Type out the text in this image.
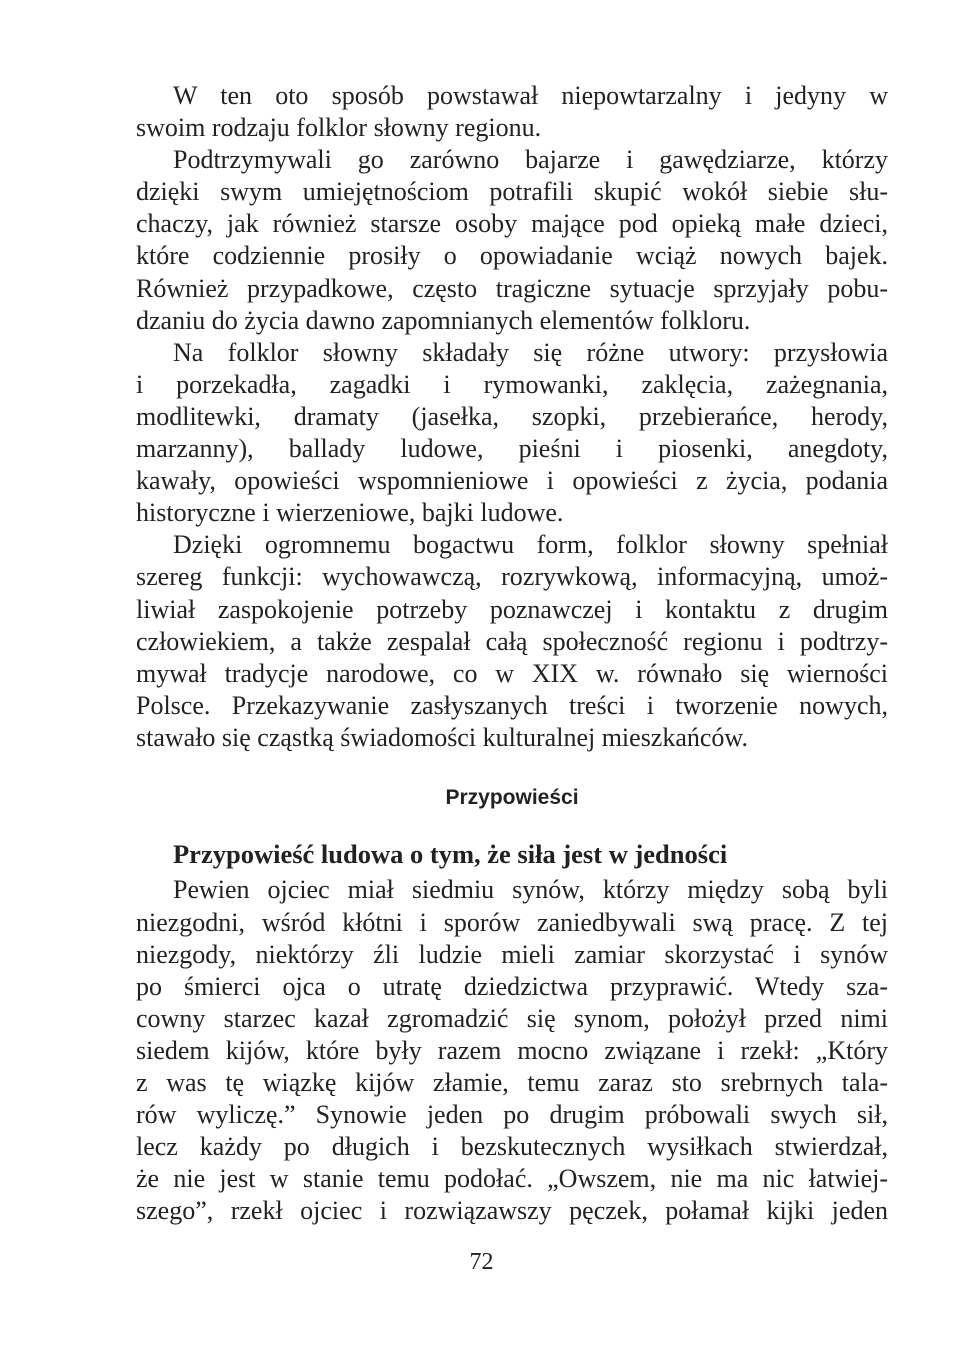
W ten oto sposób powstawał niepowtarzalny i jedyny w
swoim rodzaju folklor słowny regionu.
Podtrzymywali go zarówno bajarze i gawędziarze, którzy
dzięki swym umiejętnościom potrafili skupić wokół siebie słu-
chaczy, jak również starsze osoby mające pod opieką małe dzieci,
które codziennie prosiły o opowiadanie wciąż nowych bajek.
Również przypadkowe, często tragiczne sytuacje sprzyjały pobu-
dzaniu do życia dawno zapomnianych elementów folkloru.
Na folklor słowny składały się różne utwory: przysłowia
i porzekadła, zagadki i rymowanki, zaklęcia, zażegnania,
modlitewki, dramaty (jasełka, szopki, przebierańce, herody,
marzanny), ballady ludowe, pieśni i piosenki, anegdoty,
kawały, opowieści wspomnieniowe i opowieści z życia, podania
historyczne i wierzeniowe, bajki ludowe.
Dzięki ogromnemu bogactwu form, folklor słowny spełniał
szereg funkcji: wychowawczą, rozrywkową, informacyjną, umoż-
liwiał zaspokojenie potrzeby poznawczej i kontaktu z drugim
człowiekiem, a także zespalał całą społeczność regionu i podtrzy-
mywał tradycje narodowe, co w XIX w. równało się wierności
Polsce. Przekazywanie zasłyszanych treści i tworzenie nowych,
stawało się cząstką świadomości kulturalnej mieszkańców.
Przypowieści
Przypowieść ludowa o tym, że siła jest w jedności
Pewien ojciec miał siedmiu synów, którzy między sobą byli
niezgodni, wśród kłótni i sporów zaniedbywali swą pracę. Z tej
niezgody, niektórzy źli ludzie mieli zamiar skorzystać i synów
po śmierci ojca o utratę dziedzictwa przyprawić. Wtedy sza-
cowny starzec kazał zgromadzić się synom, położył przed nimi
siedem kijów, które były razem mocno związane i rzekł: „Który
z was tę wiązkę kijów złamie, temu zaraz sto srebrnych tala-
rów wyliczę.” Synowie jeden po drugim próbowali swych sił,
lecz każdy po długich i bezskutecznych wysiłkach stwierdzał,
że nie jest w stanie temu podołać. „Owszem, nie ma nic łatwiej-
szego”, rzekł ojciec i rozwiązawszy pęczek, połamał kijki jeden
72
